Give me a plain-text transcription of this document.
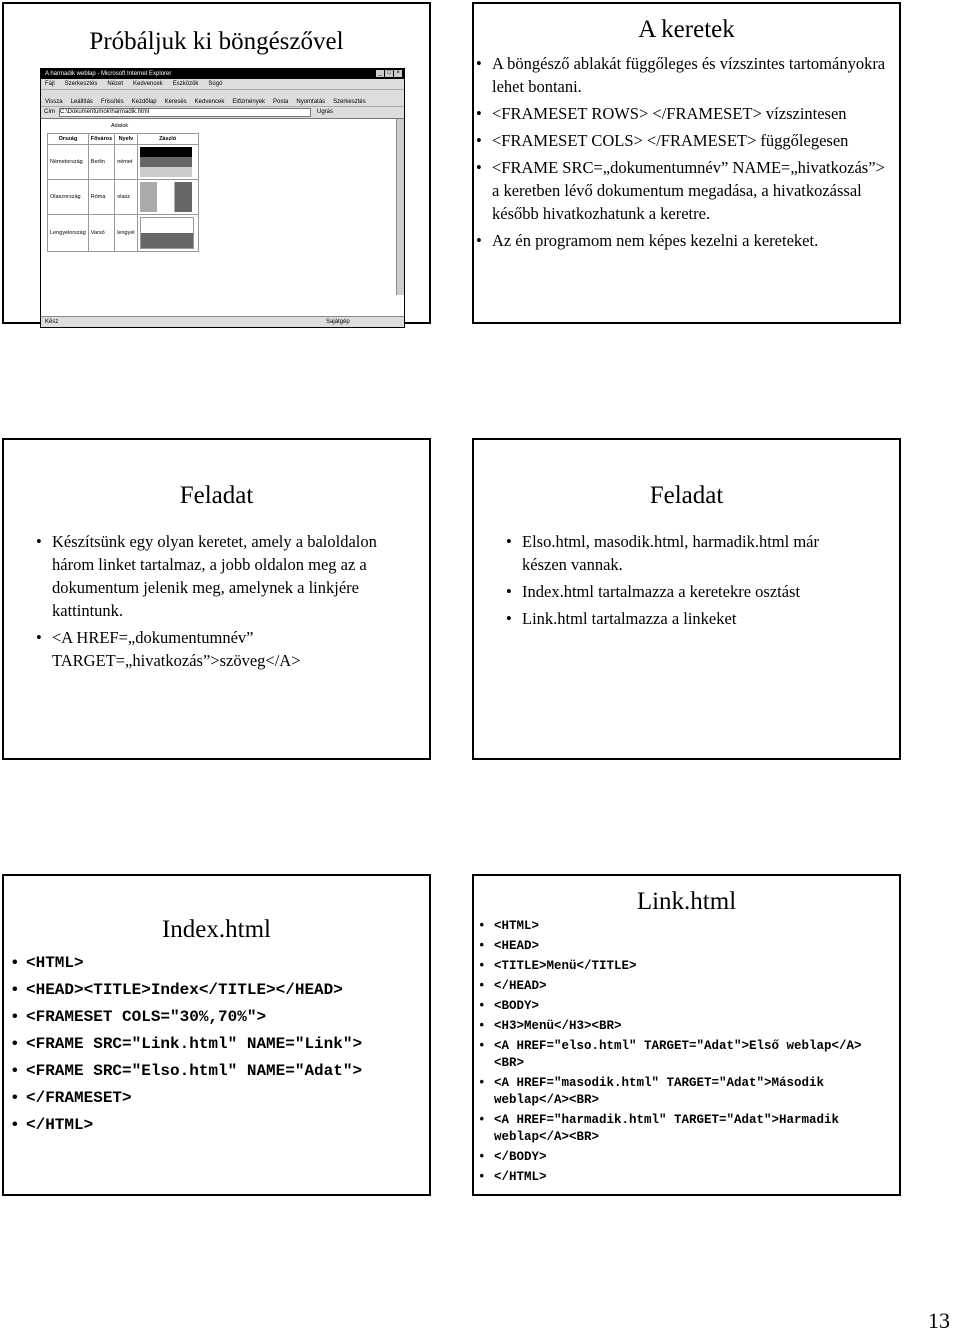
Próbáljuk ki böngészővel
A harmadik weblap - Microsoft Internet Explorer	_ □ ×
Fájl Szerkesztés Nézet Kedvencek Eszközök Súgó
Vissza Leállítás Frissítés Kezdőlap Keresés Kedvencek Előzmények Posta Nyomtatás Szerkesztés
Cím C:\Dokumentumok\harmadik.html	Ugrás
Adatok
Ország	Főváros	Nyelv	Zászló
Németország	Berlin	német	

Olaszország	Róma	olasz	

Lengyelország	Varsó	lengyel	
Kész	Sajátgép
A keretek
• A böngésző ablakát függőleges és vízszintes tartományokra lehet bontani.
• <FRAMESET ROWS> </FRAMESET> vízszintesen
• <FRAMESET COLS> </FRAMESET> függőlegesen
• <FRAME SRC=„dokumentumnév” NAME=„hivatkozás”> a keretben lévő dokumentum megadása, a hivatkozással később hivatkozhatunk a keretre.
• Az én programom nem képes kezelni a kereteket.
Feladat
• Készítsünk egy olyan keretet, amely a baloldalon három linket tartalmaz, a jobb oldalon meg az a dokumentum jelenik meg, amelynek a linkjére kattintunk.
• <A HREF=„dokumentumnév” TARGET=„hivatkozás”>szöveg</A>
Feladat
• Elso.html, masodik.html, harmadik.html már készen vannak.
• Index.html tartalmazza a keretekre osztást
• Link.html tartalmazza a linkeket
Index.html
• <HTML>
• <HEAD><TITLE>Index</TITLE></HEAD>
• <FRAMESET COLS="30%,70%">
• <FRAME SRC="Link.html" NAME="Link">
• <FRAME SRC="Elso.html" NAME="Adat">
• </FRAMESET>
• </HTML>
Link.html
• <HTML>
• <HEAD>
• <TITLE>Menü</TITLE>
• </HEAD>
• <BODY>
• <H3>Menü</H3><BR>
• <A HREF="elso.html" TARGET="Adat">Első weblap</A><BR>
• <A HREF="masodik.html" TARGET="Adat">Második weblap</A><BR>
• <A HREF="harmadik.html" TARGET="Adat">Harmadik weblap</A><BR>
• </BODY>
• </HTML>
13
